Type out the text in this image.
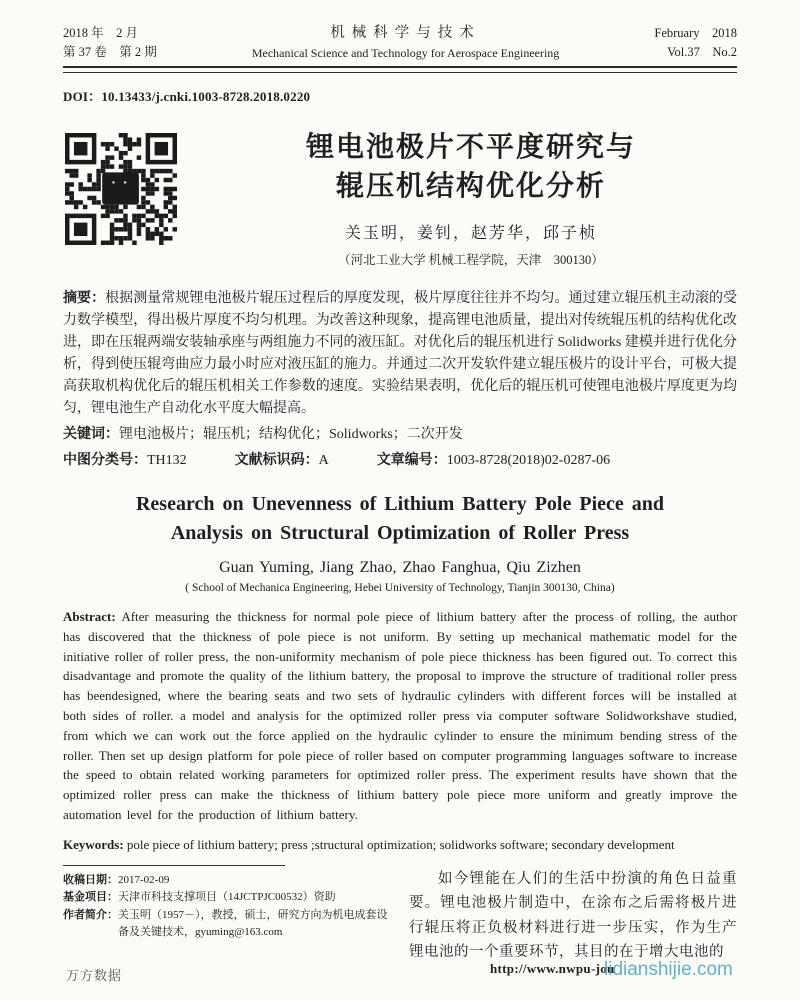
2018 年　2 月
第 37 卷　第 2 期
机械科学与技术
Mechanical Science and Technology for Aerospace Engineering
February　2018
Vol.37　No.2
DOI：10.13433/j.cnki.1003-8728.2018.0220
锂电池极片不平度研究与
辊压机结构优化分析
关玉明，姜钊，赵芳华，邱子桢
（河北工业大学 机械工程学院，天津　300130）

摘要：根据测量常规锂电池极片辊压过程后的厚度发现，极片厚度往往并不均匀。通过建立辊压机主动滚的受力数学模型，得出极片厚度不均匀机理。为改善这种现象，提高锂电池质量，提出对传统辊压机的结构优化改进，即在压辊两端安装轴承座与两组施力不同的液压缸。对优化后的辊压机进行 Solidworks 建模并进行优化分析，得到使压辊弯曲应力最小时应对液压缸的施力。并通过二次开发软件建立辊压极片的设计平台，可极大提高获取机构优化后的辊压机相关工作参数的速度。实验结果表明，优化后的辊压机可使锂电池极片厚度更为均匀，锂电池生产自动化水平度大幅提高。

关键词：锂电池极片；辊压机；结构优化；Solidworks；二次开发

中图分类号：TH132	文献标识码：A	文章编号：1003-8728(2018)02-0287-06
Research on Unevenness of Lithium Battery Pole Piece and
Analysis on Structural Optimization of Roller Press
Guan Yuming, Jiang Zhao, Zhao Fanghua, Qiu Zizhen
( School of Mechanica Engineering, Hebei University of Technology, Tianjin 300130, China)

Abstract: After measuring the thickness for normal pole piece of lithium battery after the process of rolling, the author has discovered that the thickness of pole piece is not uniform. By setting up mechanical mathematic model for the initiative roller of roller press, the non-uniformity mechanism of pole piece thickness has been figured out. To correct this disadvantage and promote the quality of the lithium battery, the proposal to improve the structure of traditional roller press has beendesigned, where the bearing seats and two sets of hydraulic cylinders with different forces will be installed at both sides of roller. a model and analysis for the optimized roller press via computer software Solidworkshave studied, from which we can work out the force applied on the hydraulic cylinder to ensure the minimum bending stress of the roller. Then set up design platform for pole piece of roller based on computer programming languages software to increase the speed to obtain related working parameters for optimized roller press. The experiment results have shown that the optimized roller press can make the thickness of lithium battery pole piece more uniform and greatly improve the automation level for the production of lithium battery.

Keywords: pole piece of lithium battery; press ;structural optimization; solidworks software; secondary development

收稿日期：2017-02-09
基金项目：天津市科技支撑项目（14JCTPJC00532）资助
作者简介：关玉明（1957－），教授，硕士，研究方向为机电成套设备及关键技术，gyuming@163.com

如今锂能在人们的生活中扮演的角色日益重要。锂电池极片制造中，在涂布之后需将极片进行辊压将正负极材料进行进一步压实，作为生产锂电池的一个重要环节，其目的在于增大电池的

万方数据	http://www.nwpu-jou
lidianshijie.com
